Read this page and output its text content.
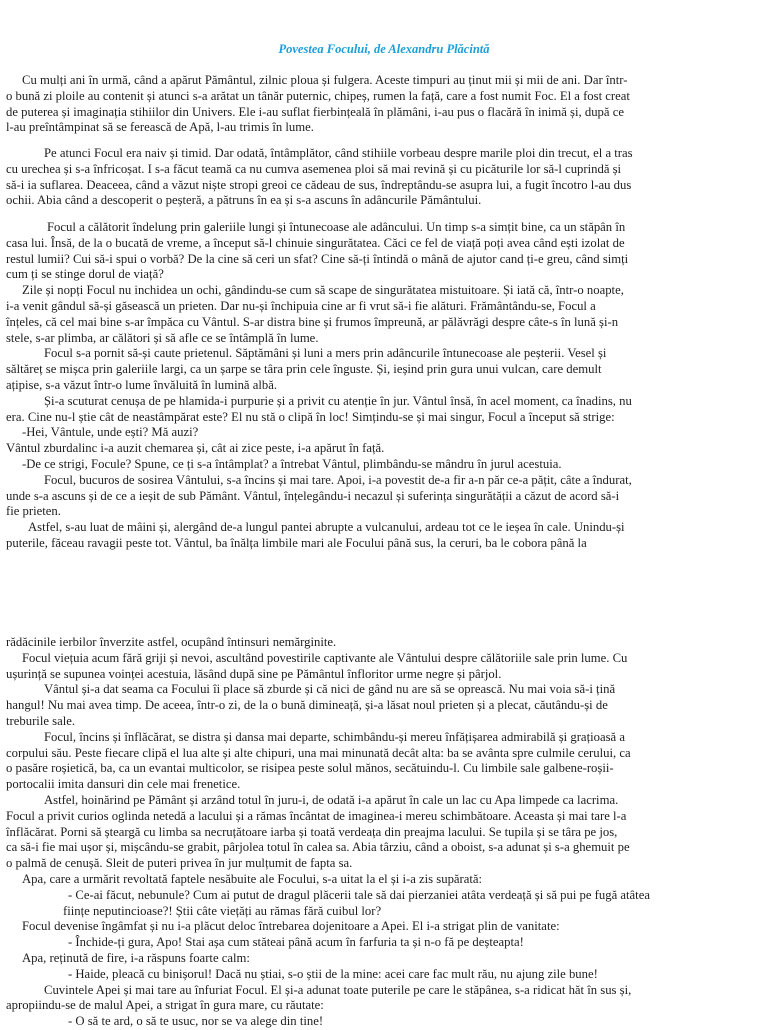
Povestea Focului, de Alexandru Plăcintă
Cu mulți ani în urmă, când a apărut Pământul, zilnic ploua și fulgera. Aceste timpuri au ținut mii și mii de ani. Dar într-
o bună zi ploile au contenit și atunci s-a arătat un tânăr puternic, chipeș, rumen la față, care a fost numit Foc. El a fost creat
de puterea și imaginația stihiilor din Univers. Ele i-au suflat fierbințeală în plămâni, i-au pus o flacără în inimă și, după ce
l-au preîntâmpinat să se ferească de Apă, l-au trimis în lume.
Pe atunci Focul era naiv și timid. Dar odată, întâmplător, când stihiile vorbeau despre marile ploi din trecut, el a tras
cu urechea și s-a înfricoșat. I s-a făcut teamă ca nu cumva asemenea ploi să mai revină și cu picăturile lor să-l cuprindă și
să-i ia suflarea. Deaceea, când a văzut niște stropi greoi ce cădeau de sus, îndreptându-se asupra lui, a fugit încotro l-au dus
ochii. Abia când a descoperit o peșteră, a pătruns în ea și s-a ascuns în adâncurile Pământului.
Focul a călătorit îndelung prin galeriile lungi și întunecoase ale adâncului. Un timp s-a simțit bine, ca un stăpân în
casa lui. Însă, de la o bucată de vreme, a început să-l chinuie singurătatea. Căci ce fel de viață poți avea când ești izolat de
restul lumii? Cui să-i spui o vorbă? De la cine să ceri un sfat? Cine să-ți întindă o mână de ajutor cand ți-e greu, când simți
cum ți se stinge dorul de viață?
Zile și nopți Focul nu inchidea un ochi, gândindu-se cum să scape de singurătatea mistuitoare. Și iată că, într-o noapte,
i-a venit gândul să-și găsească un prieten. Dar nu-și închipuia cine ar fi vrut să-i fie alături. Frământându-se, Focul a
înțeles, că cel mai bine s-ar împăca cu Vântul. S-ar distra bine și frumos împreună, ar pălăvrăgi despre câte-s în lună și-n
stele, s-ar plimba, ar călători și să afle ce se întâmplă în lume.
Focul s-a pornit să-și caute prietenul. Săptămâni și luni a mers prin adâncurile întunecoase ale peșterii. Vesel și
săltăreț se mișca prin galeriile largi, ca un șarpe se târa prin cele înguste. Și, ieșind prin gura unui vulcan, care demult
ațipise, s-a văzut într-o lume învăluită în lumină albă.
Și-a scuturat cenușa de pe hlamida-i purpurie și a privit cu atenție în jur. Vântul însă, în acel moment, ca înadins, nu
era. Cine nu-l știe cât de neastâmpărat este? El nu stă o clipă în loc! Simțindu-se și mai singur, Focul a început să strige:
-Hei, Vântule, unde ești? Mă auzi?
Vântul zburdalinc i-a auzit chemarea și, cât ai zice peste, i-a apărut în față.
-De ce strigi, Focule? Spune, ce ți s-a întâmplat? a întrebat Vântul, plimbându-se mândru în jurul acestuia.
Focul, bucuros de sosirea Vântului, s-a încins și mai tare. Apoi, i-a povestit de-a fir a-n păr ce-a pățit, câte a îndurat,
unde s-a ascuns și de ce a ieșit de sub Pământ. Vântul, înțelegându-i necazul și suferința singurătății a căzut de acord să-i
fie prieten.
Astfel, s-au luat de mâini și, alergând de-a lungul pantei abrupte a vulcanului, ardeau tot ce le ieșea în cale. Unindu-și
puterile, făceau ravagii peste tot. Vântul, ba înălța limbile mari ale Focului până sus, la ceruri, ba le cobora până la
rădăcinile ierbilor înverzite astfel, ocupând întinsuri nemărginite.
Focul viețuia acum fără griji și nevoi, ascultând povestirile captivante ale Vântului despre călătoriile sale prin lume. Cu
ușurință se supunea voinței acestuia, lăsând după sine pe Pământul înfloritor urme negre și pârjol.
Vântul și-a dat seama ca Focului îi place să zburde și că nici de gând nu are să se oprească. Nu mai voia să-i țină
hangul! Nu mai avea timp. De aceea, într-o zi, de la o bună dimineață, și-a lăsat noul prieten și a plecat, căutându-și de
treburile sale.
Focul, încins și înflăcărat, se distra și dansa mai departe, schimbându-și mereu înfățișarea admirabilă și grațioasă a
corpului său. Peste fiecare clipă el lua alte și alte chipuri, una mai minunată decât alta: ba se avânta spre culmile cerului, ca
o pasăre roșietică, ba, ca un evantai multicolor, se risipea peste solul mănos, secătuindu-l. Cu limbile sale galbene-roșii-
portocalii imita dansuri din cele mai frenetice.
Astfel, hoinărind pe Pământ și arzând totul în juru-i, de odată i-a apărut în cale un lac cu Apa limpede ca lacrima.
Focul a privit curios oglinda netedă a lacului și a rămas încântat de imaginea-i mereu schimbătoare. Aceasta și mai tare l-a
înflăcărat. Porni să șteargă cu limba sa necruțătoare iarba și toată verdeața din preajma lacului. Se tupila și se târa pe jos,
ca să-i fie mai ușor și, mișcându-se grabit, pârjolea totul în calea sa. Abia târziu, când a oboist, s-a adunat și s-a ghemuit pe
o palmă de cenușă. Sleit de puteri privea în jur mulțumit de fapta sa.
Apa, care a urmărit revoltată faptele nesăbuite ale Focului, s-a uitat la el și i-a zis supărată:
- Ce-ai făcut, nebunule? Cum ai putut de dragul plăcerii tale să dai pierzaniei atâta verdeață și să pui pe fugă atâtea
ființe neputincioase?! Știi câte viețăți au rămas fără cuibul lor?
Focul devenise îngâmfat și nu i-a plăcut deloc întrebarea dojenitoare a Apei. El i-a strigat plin de vanitate:
- Închide-ți gura, Apo! Stai așa cum stăteai până acum în farfuria ta și n-o fă pe deșteapta!
Apa, reținută de fire, i-a răspuns foarte calm:
- Haide, pleacă cu binișorul! Dacă nu știai, s-o știi de la mine: acei care fac mult rău, nu ajung zile bune!
Cuvintele Apei și mai tare au înfuriat Focul. El și-a adunat toate puterile pe care le stăpânea, s-a ridicat hăt în sus și,
apropiindu-se de malul Apei, a strigat în gura mare, cu răutate:
- O să te ard, o să te usuc, nor se va alege din tine!
